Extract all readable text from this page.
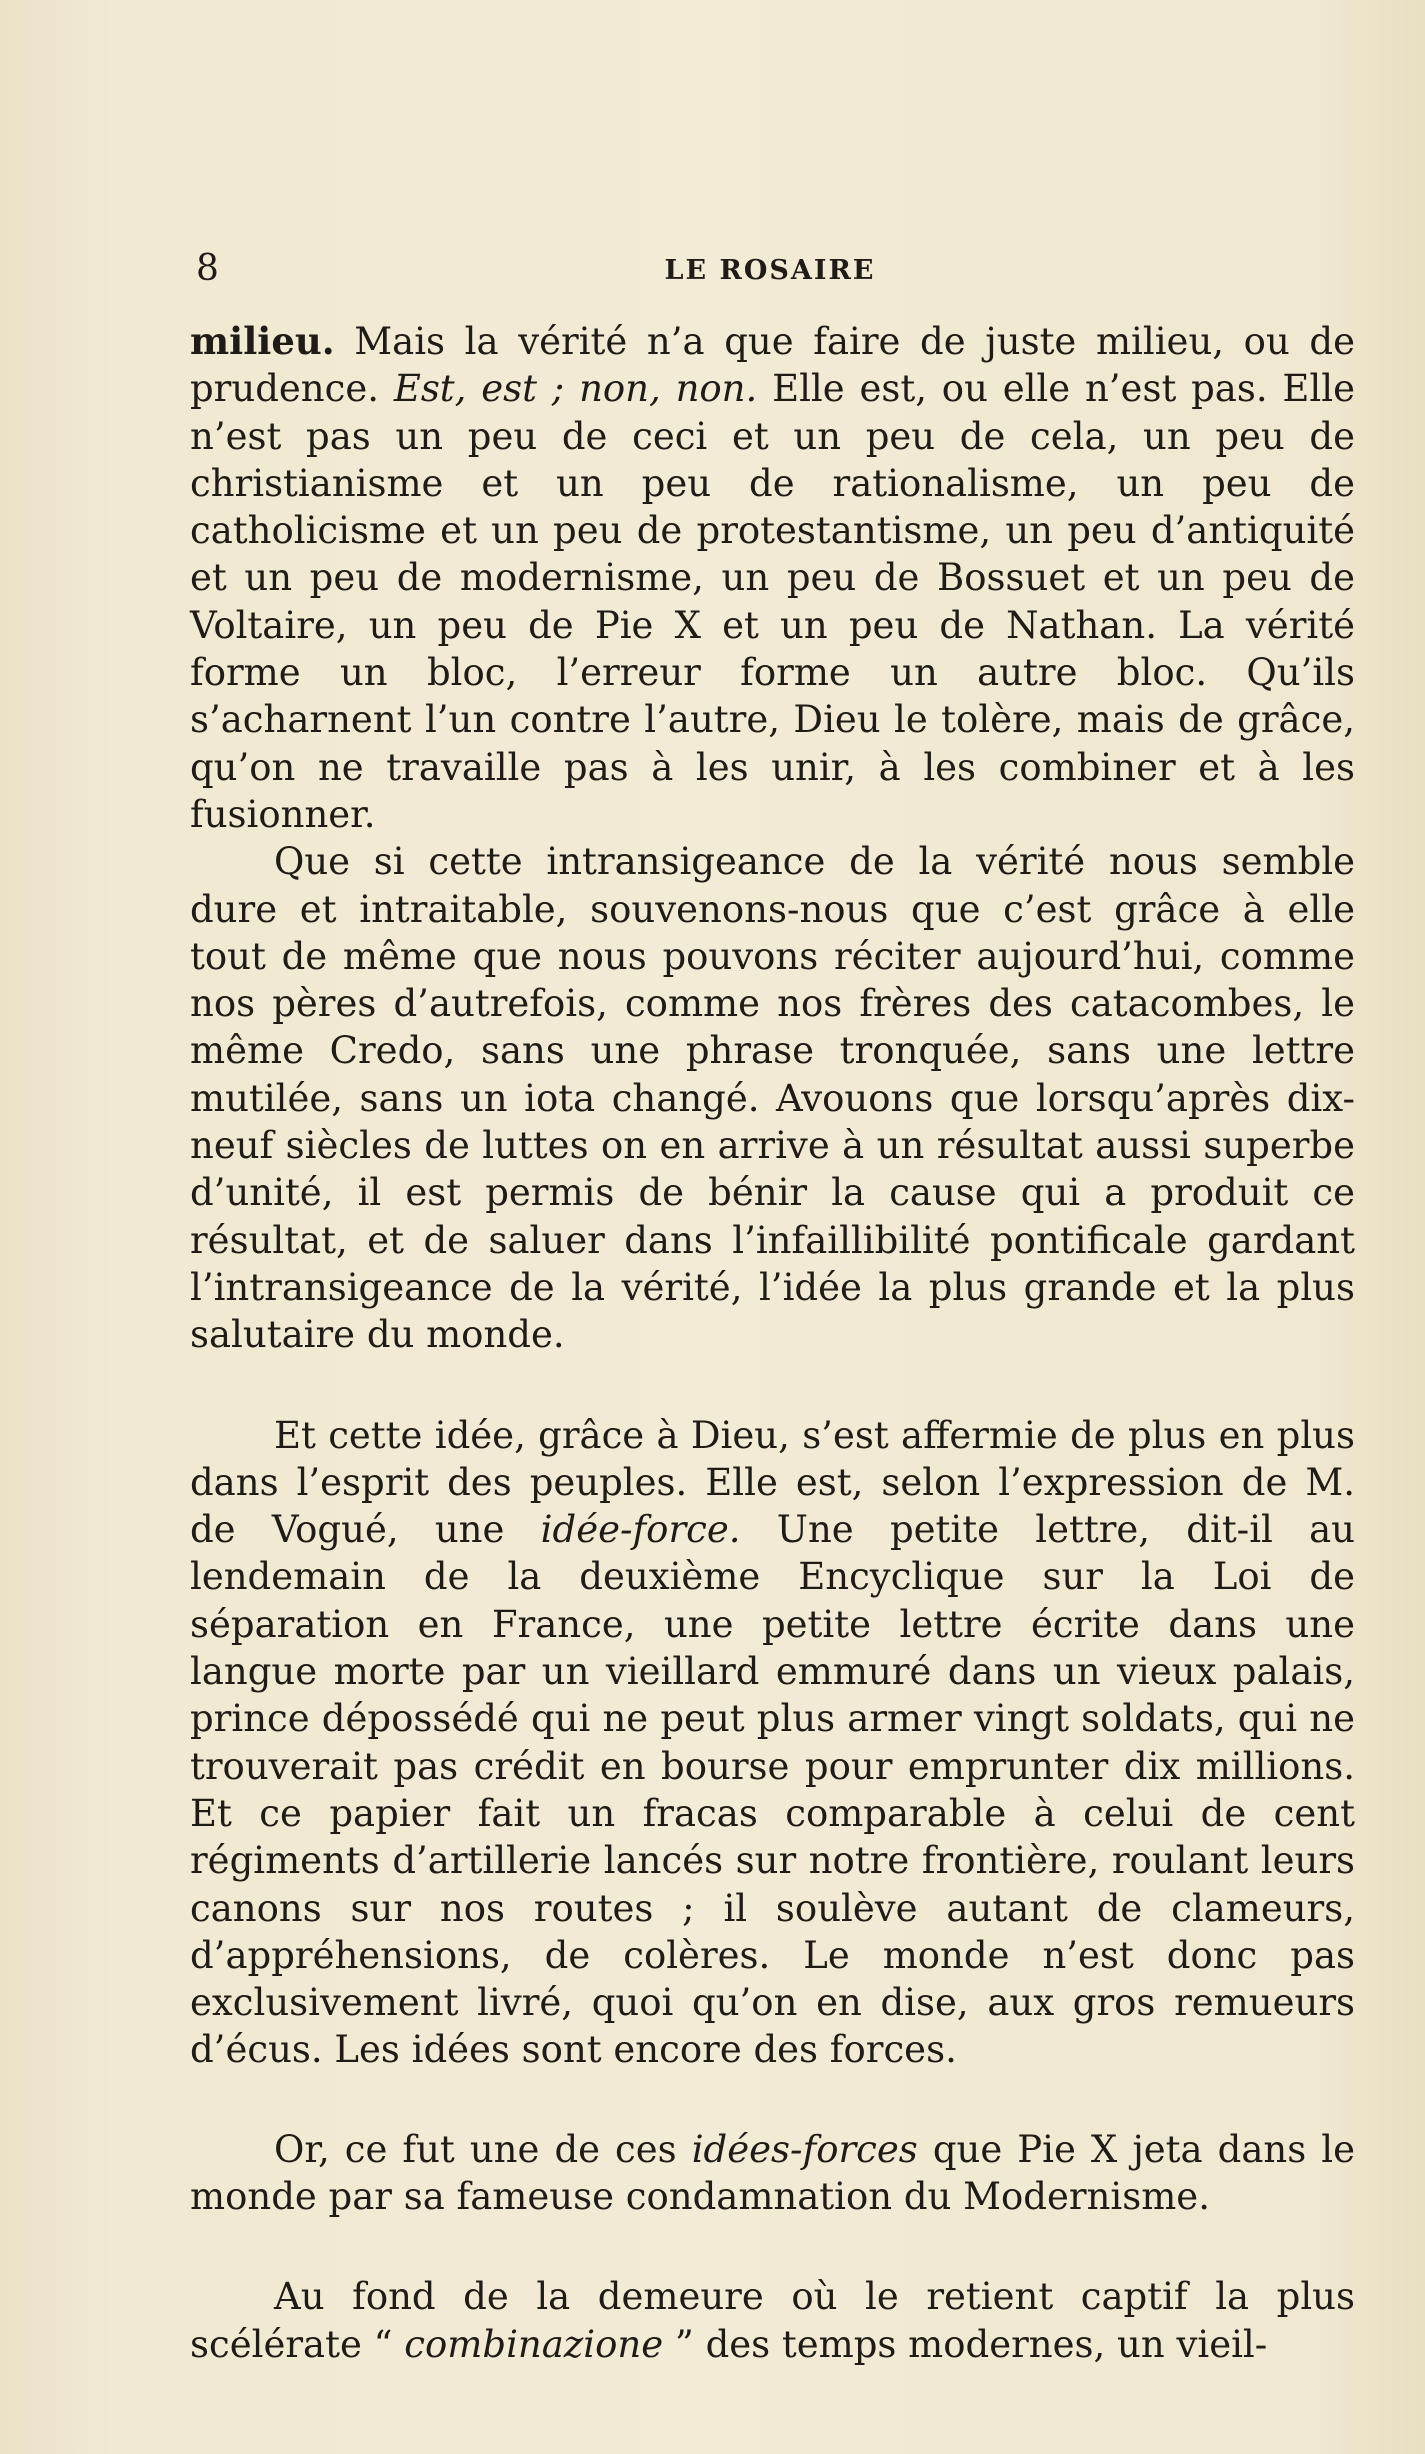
8	LE ROSAIRE

milieu. Mais la vérité n’a que faire de juste milieu, ou de prudence. Est, est ; non, non. Elle est, ou elle n’est pas. Elle n’est pas un peu de ceci et un peu de cela, un peu de christianisme et un peu de rationalisme, un peu de catholicisme et un peu de protestantisme, un peu d’antiquité et un peu de modernisme, un peu de Bossuet et un peu de Voltaire, un peu de Pie X et un peu de Nathan. La vérité forme un bloc, l’erreur forme un autre bloc. Qu’ils s’acharnent l’un contre l’autre, Dieu le tolère, mais de grâce, qu’on ne travaille pas à les unir, à les combiner et à les fusionner.

Que si cette intransigeance de la vérité nous semble dure et intraitable, souvenons-nous que c’est grâce à elle tout de même que nous pouvons réciter aujourd’hui, comme nos pères d’autrefois, comme nos frères des catacombes, le même Credo, sans une phrase tronquée, sans une lettre mutilée, sans un iota changé. Avouons que lorsqu’après dix-neuf siècles de luttes on en arrive à un résultat aussi superbe d’unité, il est permis de bénir la cause qui a produit ce résultat, et de saluer dans l’infaillibilité pontificale gardant l’intransigeance de la vérité, l’idée la plus grande et la plus salutaire du monde.

Et cette idée, grâce à Dieu, s’est affermie de plus en plus dans l’esprit des peuples. Elle est, selon l’expression de M. de Vogué, une idée-force. Une petite lettre, dit-il au lendemain de la deuxième Encyclique sur la Loi de séparation en France, une petite lettre écrite dans une langue morte par un vieillard emmuré dans un vieux palais, prince dépossédé qui ne peut plus armer vingt soldats, qui ne trouverait pas crédit en bourse pour emprunter dix millions. Et ce papier fait un fracas comparable à celui de cent régiments d’artillerie lancés sur notre frontière, roulant leurs canons sur nos routes ; il soulève autant de clameurs, d’appréhensions, de colères. Le monde n’est donc pas exclusivement livré, quoi qu’on en dise, aux gros remueurs d’écus. Les idées sont encore des forces.

Or, ce fut une de ces idées-forces que Pie X jeta dans le monde par sa fameuse condamnation du Modernisme.

Au fond de la demeure où le retient captif la plus scélérate “ combinazione ” des temps modernes, un vieil-
